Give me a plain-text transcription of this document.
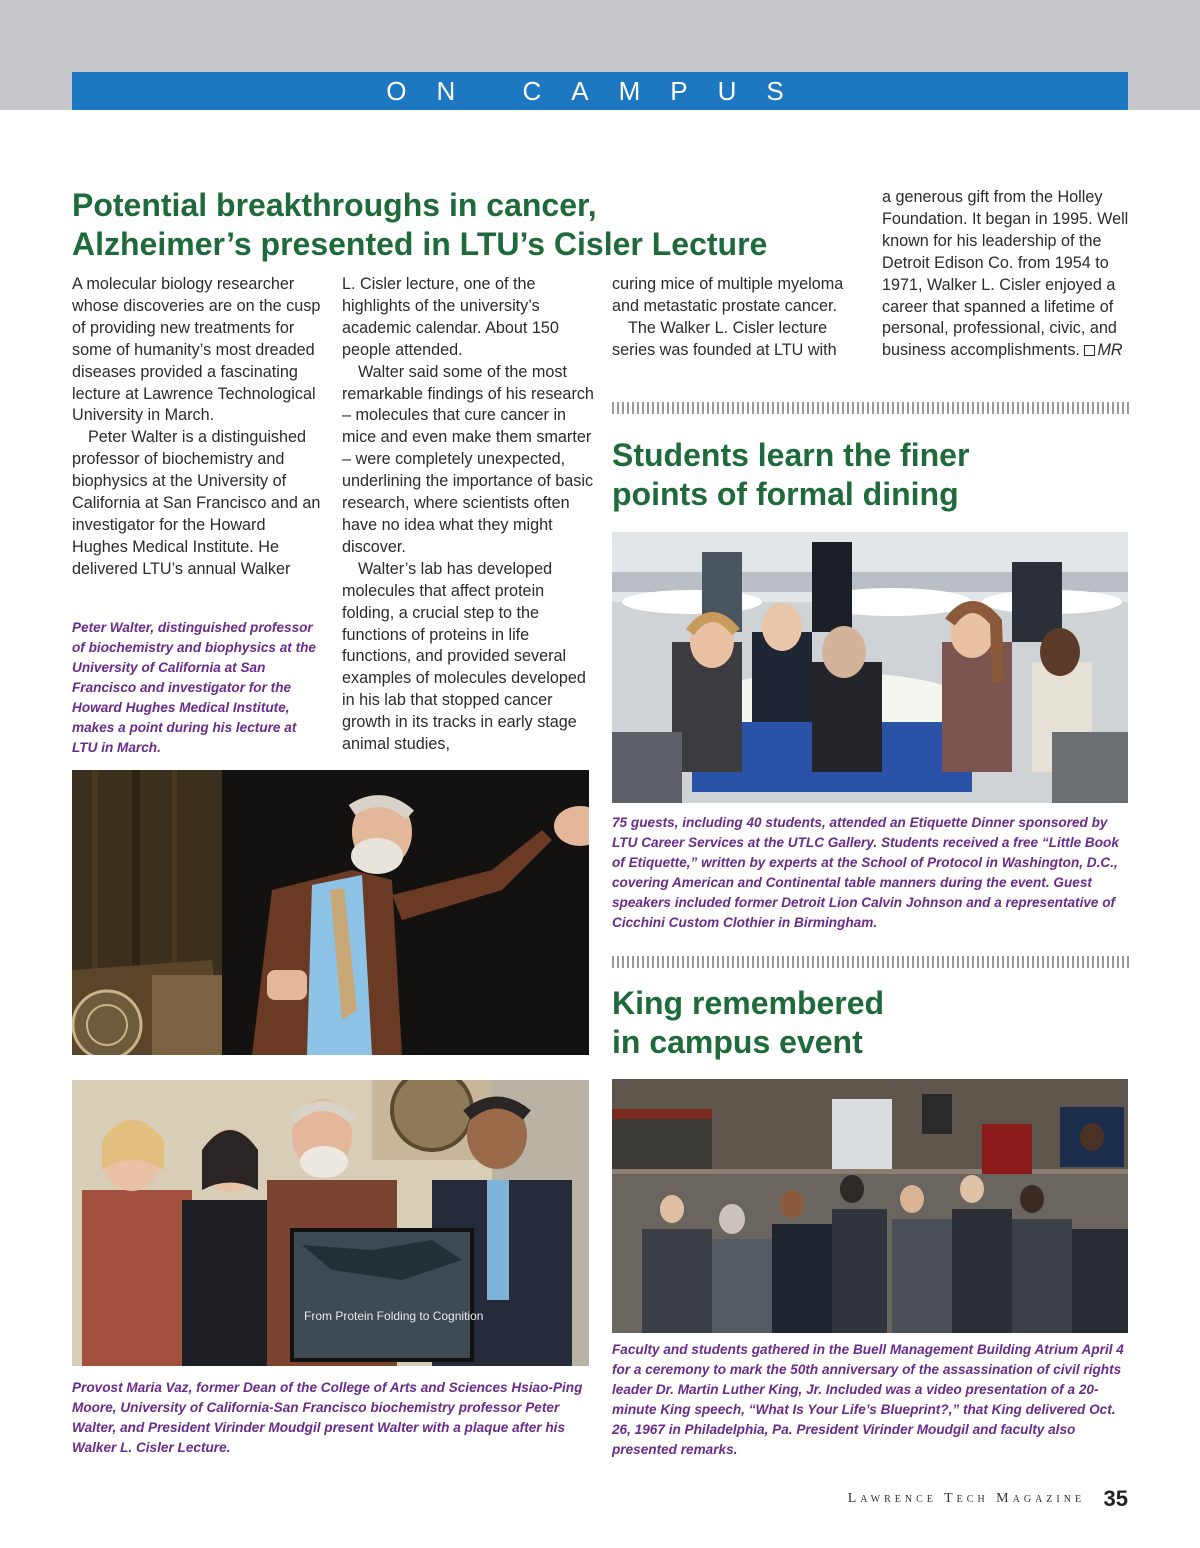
ON CAMPUS
Potential breakthroughs in cancer,
Alzheimer’s presented in LTU’s Cisler Lecture

A molecular biology researcher whose discoveries are on the cusp of providing new treatments for some of humanity’s most dreaded diseases provided a fascinating lecture at Lawrence Technological University in March.

Peter Walter is a distinguished professor of biochemistry and biophysics at the University of California at San Francisco and an investigator for the Howard Hughes Medical Institute. He delivered LTU’s annual Walker

L. Cisler lecture, one of the highlights of the university’s academic calendar. About 150 people attended.

Walter said some of the most remarkable findings of his research – molecules that cure cancer in mice and even make them smarter – were completely unexpected, underlining the importance of basic research, where scientists often have no idea what they might discover.

Walter’s lab has developed molecules that affect protein folding, a crucial step to the functions of proteins in life functions, and provided several examples of molecules developed in his lab that stopped cancer growth in its tracks in early stage animal studies,

curing mice of multiple myeloma and metastatic prostate cancer.

The Walker L. Cisler lecture series was founded at LTU with

a generous gift from the Holley Foundation. It began in 1995. Well known for his leadership of the Detroit Edison Co. from 1954 to 1971, Walker L. Cisler enjoyed a career that spanned a lifetime of personal, professional, civic, and business accomplishments. MR

Peter Walter, distinguished professor of biochemistry and biophysics at the University of California at San Francisco and investigator for the Howard Hughes Medical Institute, makes a point during his lecture at LTU in March.
From Protein Folding to Cognition
Provost Maria Vaz, former Dean of the College of Arts and Sciences Hsiao-Ping Moore, University of California-San Francisco biochemistry professor Peter Walter, and President Virinder Moudgil present Walter with a plaque after his Walker L. Cisler Lecture.
Students learn the finer
points of formal dining
75 guests, including 40 students, attended an Etiquette Dinner sponsored by LTU Career Services at the UTLC Gallery. Students received a free “Little Book of Etiquette,” written by experts at the School of Protocol in Washington, D.C., covering American and Continental table manners during the event. Guest speakers included former Detroit Lion Calvin Johnson and a representative of Cicchini Custom Clothier in Birmingham.
King remembered
in campus event
Faculty and students gathered in the Buell Management Building Atrium April 4 for a ceremony to mark the 50th anniversary of the assassination of civil rights leader Dr. Martin Luther King, Jr. Included was a video presentation of a 20-minute King speech, “What Is Your Life’s Blueprint?,” that King delivered Oct. 26, 1967 in Philadelphia, Pa. President Virinder Moudgil and faculty also presented remarks.
Lawrence Tech Magazine 35
